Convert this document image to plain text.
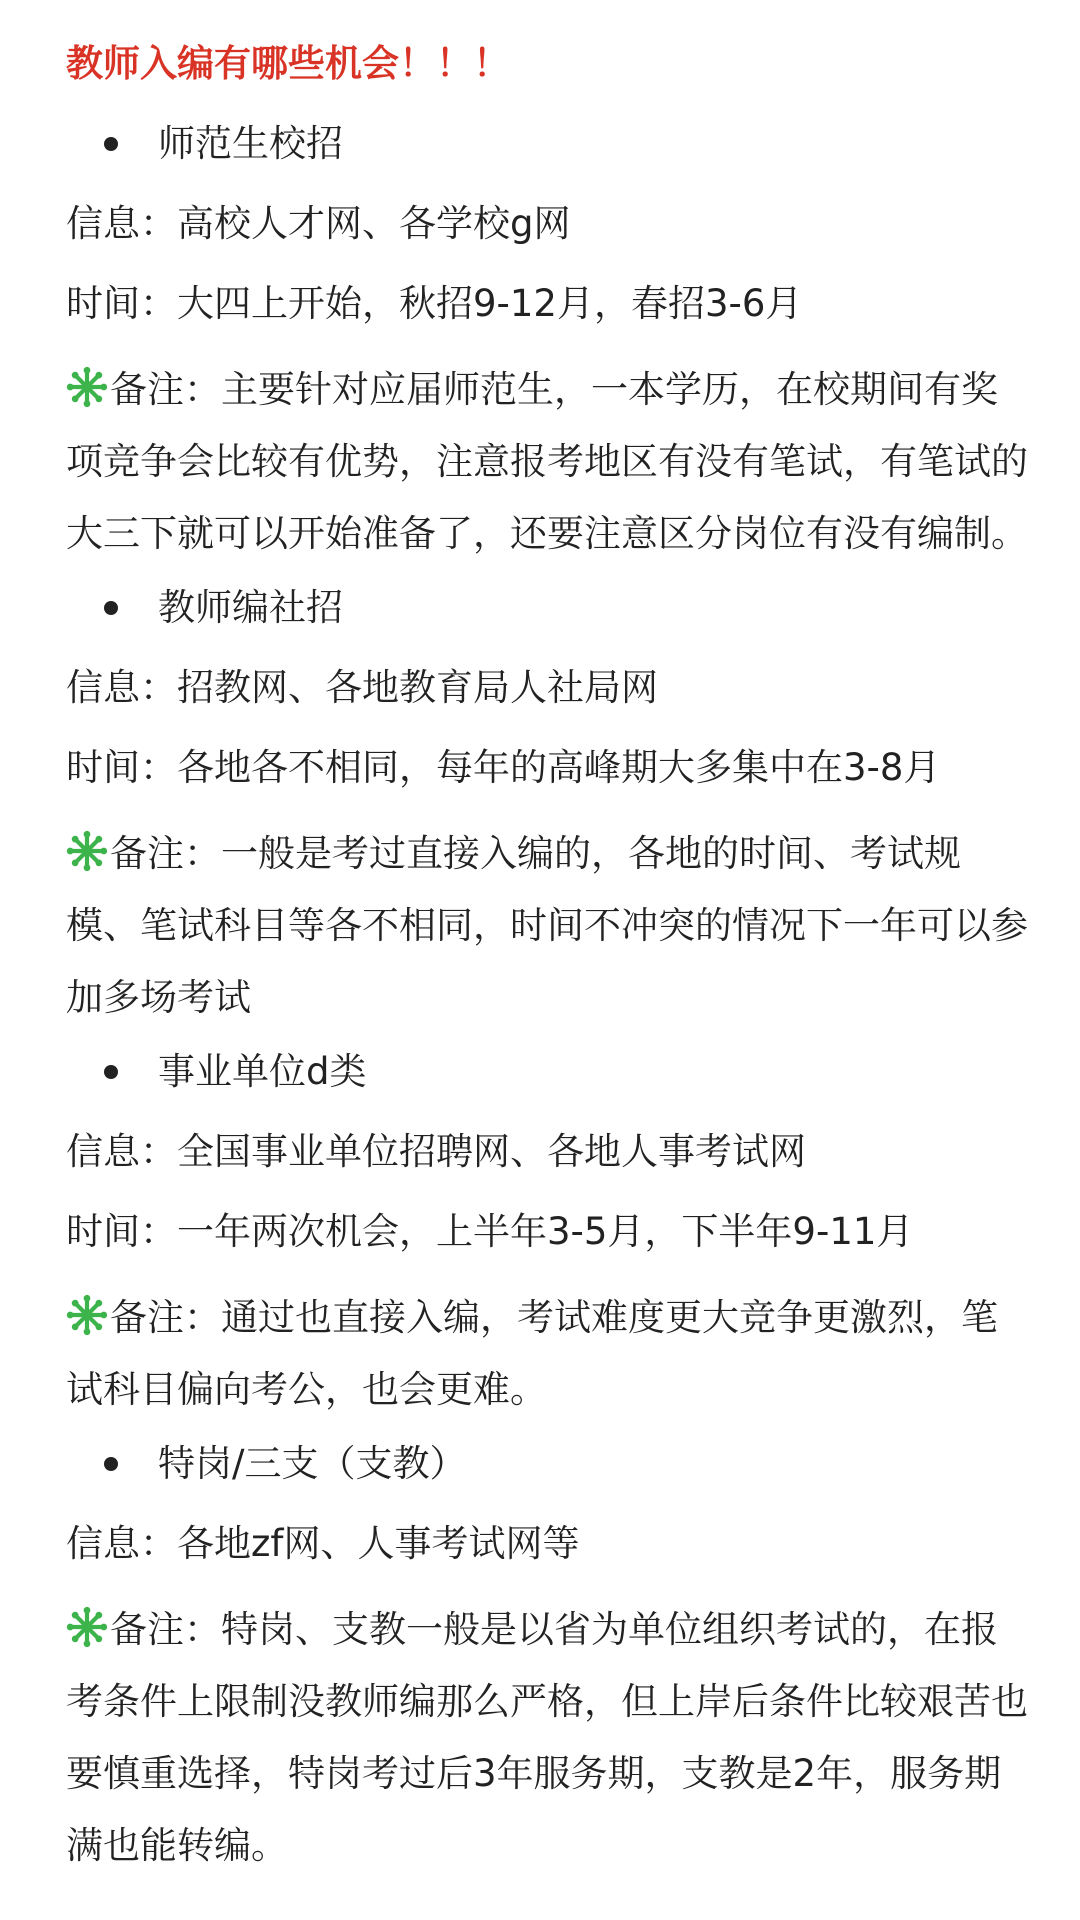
教师入编有哪些机会！！！
师范生校招
信息：高校人才网、各学校g网
时间：大四上开始，秋招9-12月，春招3-6月
备注：主要针对应届师范生，一本学历，在校期间有奖
项竞争会比较有优势，注意报考地区有没有笔试，有笔试的
大三下就可以开始准备了，还要注意区分岗位有没有编制。
教师编社招
信息：招教网、各地教育局人社局网
时间：各地各不相同，每年的高峰期大多集中在3-8月
备注：一般是考过直接入编的，各地的时间、考试规
模、笔试科目等各不相同，时间不冲突的情况下一年可以参
加多场考试
事业单位d类
信息：全国事业单位招聘网、各地人事考试网
时间：一年两次机会，上半年3-5月，下半年9-11月
备注：通过也直接入编，考试难度更大竞争更激烈，笔
试科目偏向考公，也会更难。
特岗/三支（支教）
信息：各地zf网、人事考试网等
备注：特岗、支教一般是以省为单位组织考试的，在报
考条件上限制没教师编那么严格，但上岸后条件比较艰苦也
要慎重选择，特岗考过后3年服务期，支教是2年，服务期
满也能转编。
